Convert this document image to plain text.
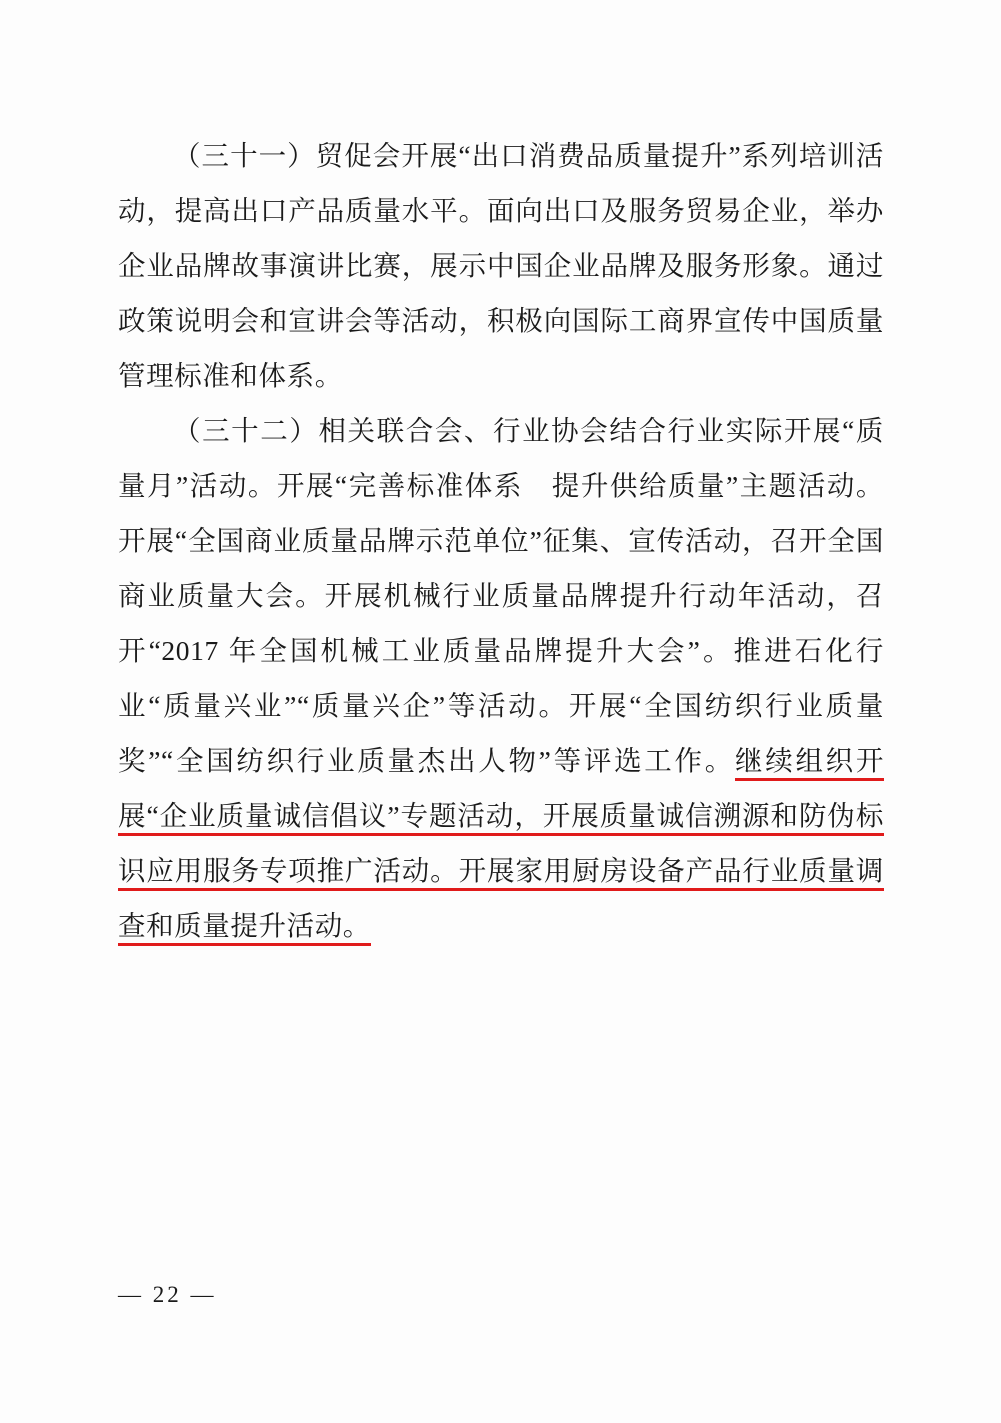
（三十一）贸促会开展“出口消费品质量提升”系列培训活动，提高出口产品质量水平。面向出口及服务贸易企业，举办企业品牌故事演讲比赛，展示中国企业品牌及服务形象。通过政策说明会和宣讲会等活动，积极向国际工商界宣传中国质量管理标准和体系。

（三十二）相关联合会、行业协会结合行业实际开展“质量月”活动。开展“完善标准体系　提升供给质量”主题活动。开展“全国商业质量品牌示范单位”征集、宣传活动，召开全国商业质量大会。开展机械行业质量品牌提升行动年活动，召开“2017 年全国机械工业质量品牌提升大会”。推进石化行业“质量兴业”“质量兴企”等活动。开展“全国纺织行业质量奖”“全国纺织行业质量杰出人物”等评选工作。继续组织开展“企业质量诚信倡议”专题活动，开展质量诚信溯源和防伪标识应用服务专项推广活动。开展家用厨房设备产品行业质量调查和质量提升活动。

— 22 —
